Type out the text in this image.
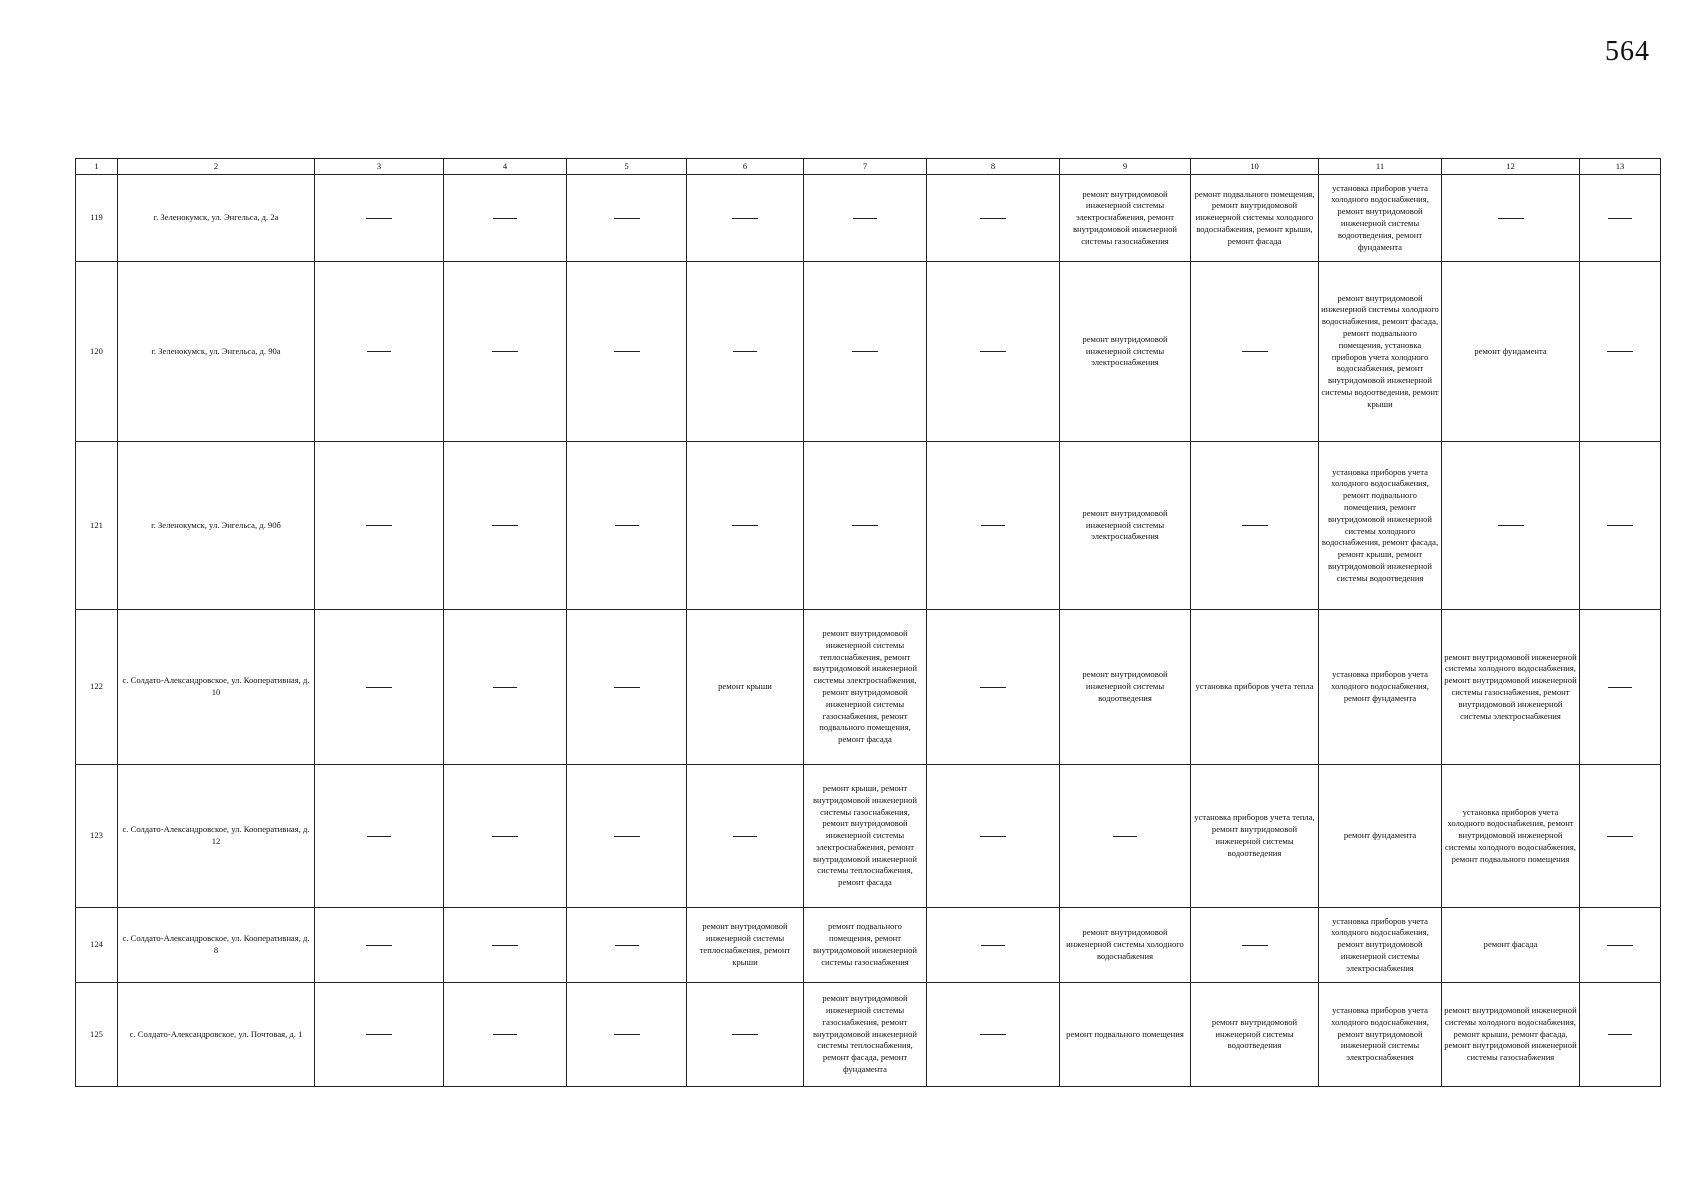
564
1	2	3	4	5	6	7	8	9	10	11	12	13
119	г. Зеленокумск, ул. Энгельса, д. 2а							ремонт внутридомовой инженерной системы электроснабжения, ремонт внутридомовой инженерной системы газоснабжения	ремонт подвального помещения, ремонт внутридомовой инженерной системы холодного водоснабжения, ремонт крыши, ремонт фасада	установка приборов учета холодного водоснабжения, ремонт внутридомовой инженерной системы водоотведения, ремонт фундамента		

120	г. Зеленокумск, ул. Энгельса, д. 90а							ремонт внутридомовой инженерной системы электроснабжения		ремонт внутридомовой инженерной системы холодного водоснабжения, ремонт фасада, ремонт подвального помещения, установка приборов учета холодного водоснабжения, ремонт внутридомовой инженерной системы водоотведения, ремонт крыши	ремонт фундамента	

121	г. Зеленокумск, ул. Энгельса, д. 90б							ремонт внутридомовой инженерной системы электроснабжения		установка приборов учета холодного водоснабжения, ремонт подвального помещения, ремонт внутридомовой инженерной системы холодного водоснабжения, ремонт фасада, ремонт крыши, ремонт внутридомовой инженерной системы водоотведения		

122	с. Солдато-Александровское, ул. Кооперативная, д. 10				ремонт крыши	ремонт внутридомовой инженерной системы теплоснабжения, ремонт внутридомовой инженерной системы электроснабжения, ремонт внутридомовой инженерной системы газоснабжения, ремонт подвального помещения, ремонт фасада		ремонт внутридомовой инженерной системы водоотведения	установка приборов учета тепла	установка приборов учета холодного водоснабжения, ремонт фундамента	ремонт внутридомовой инженерной системы холодного водоснабжения, ремонт внутридомовой инженерной системы газоснабжения, ремонт внутридомовой инженерной системы электроснабжения	

123	с. Солдато-Александровское, ул. Кооперативная, д. 12					ремонт крыши, ремонт внутридомовой инженерной системы газоснабжения, ремонт внутридомовой инженерной системы электроснабжения, ремонт внутридомовой инженерной системы теплоснабжения, ремонт фасада			установка приборов учета тепла, ремонт внутридомовой инженерной системы водоотведения	ремонт фундамента	установка приборов учета холодного водоснабжения, ремонт внутридомовой инженерной системы холодного водоснабжения, ремонт подвального помещения	

124	с. Солдато-Александровское, ул. Кооперативная, д. 8				ремонт внутридомовой инженерной системы теплоснабжения, ремонт крыши	ремонт подвального помещения, ремонт внутридомовой инженерной системы газоснабжения		ремонт внутридомовой инженерной системы холодного водоснабжения		установка приборов учета холодного водоснабжения, ремонт внутридомовой инженерной системы электроснабжения	ремонт фасада	

125	с. Солдато-Александровское, ул. Почтовая, д. 1					ремонт внутридомовой инженерной системы газоснабжения, ремонт внутридомовой инженерной системы теплоснабжения, ремонт фасада, ремонт фундамента		ремонт подвального помещения	ремонт внутридомовой инженерной системы водоотведения	установка приборов учета холодного водоснабжения, ремонт внутридомовой инженерной системы электроснабжения	ремонт внутридомовой инженерной системы холодного водоснабжения, ремонт крыши, ремонт фасада, ремонт внутридомовой инженерной системы газоснабжения	
